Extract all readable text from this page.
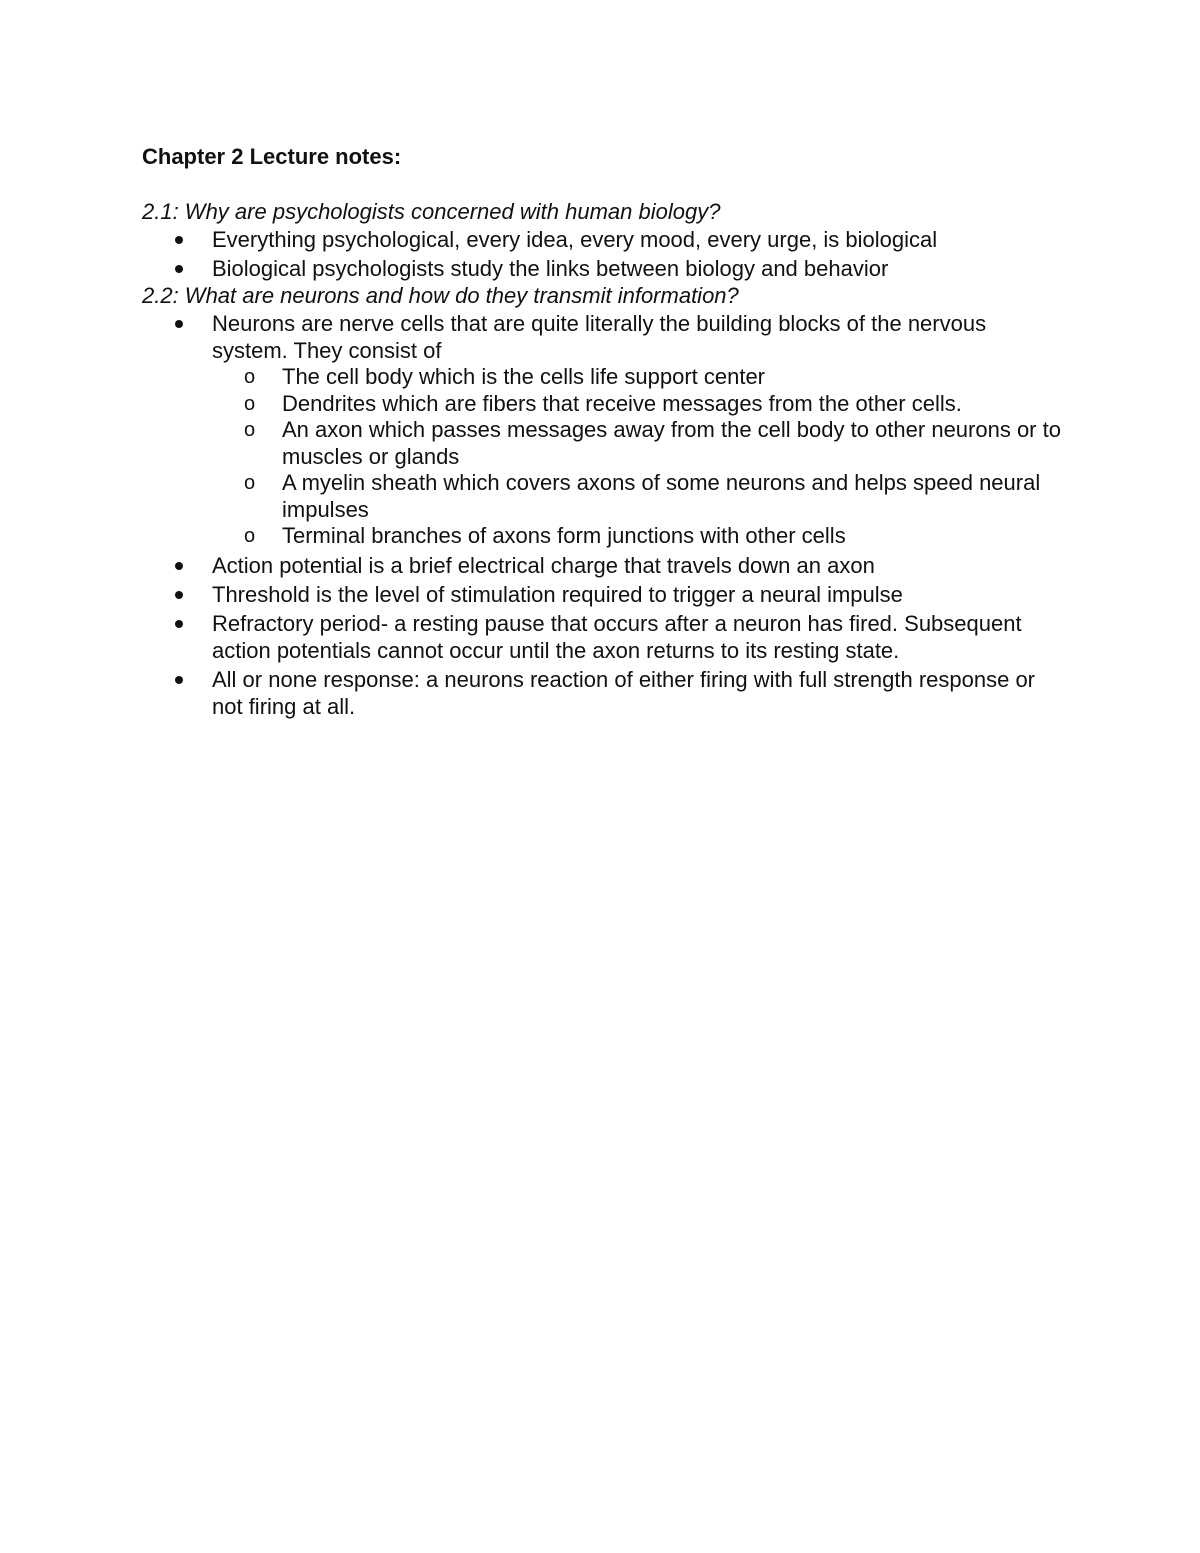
Chapter 2 Lecture notes:
2.1: Why are psychologists concerned with human biology?
Everything psychological, every idea, every mood, every urge, is biological
Biological psychologists study the links between biology and behavior
2.2: What are neurons and how do they transmit information?
Neurons are nerve cells that are quite literally the building blocks of the nervous system. They consist of
o The cell body which is the cells life support center
o Dendrites which are fibers that receive messages from the other cells.
o An axon which passes messages away from the cell body to other neurons or to muscles or glands
o A myelin sheath which covers axons of some neurons and helps speed neural impulses
o Terminal branches of axons form junctions with other cells
Action potential is a brief electrical charge that travels down an axon
Threshold is the level of stimulation required to trigger a neural impulse
Refractory period- a resting pause that occurs after a neuron has fired. Subsequent action potentials cannot occur until the axon returns to its resting state.
All or none response: a neurons reaction of either firing with full strength response or not firing at all.
